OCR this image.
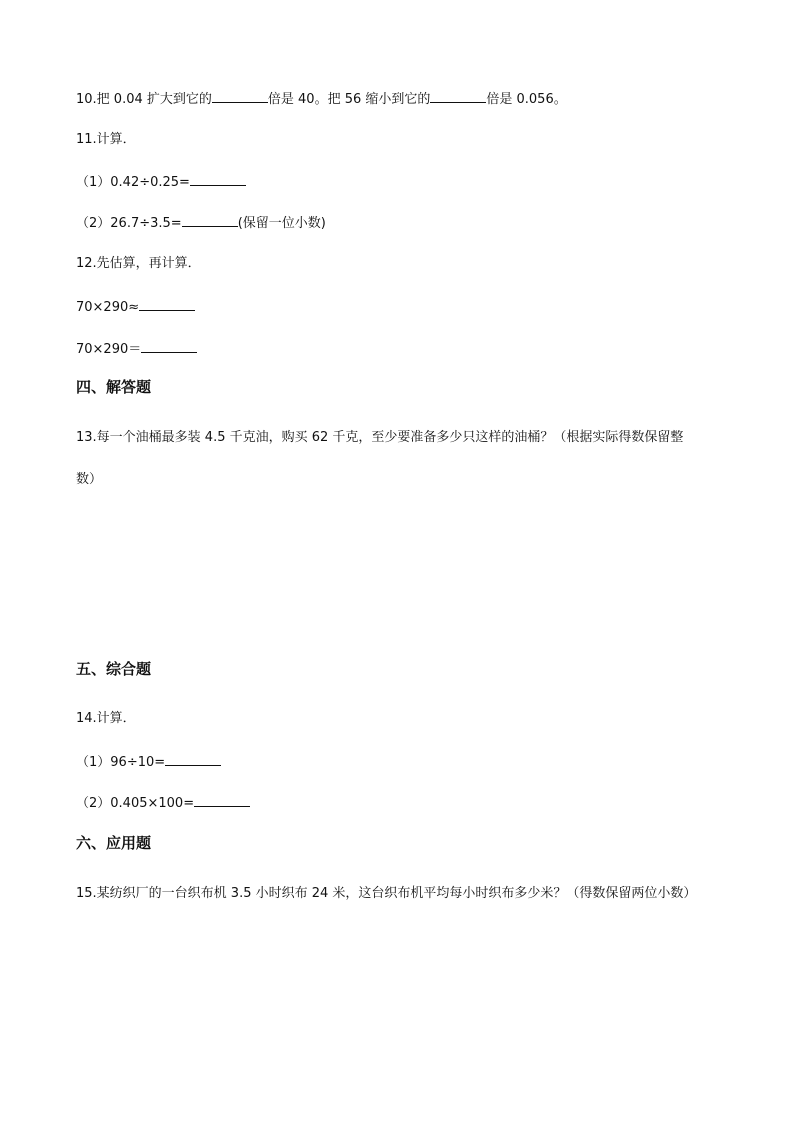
10.把 0.04 扩大到它的	倍是 40。把 56 缩小到它的	倍是 0.056。
11.计算．
（1）0.42÷0.25=
（2）26.7÷3.5=	(保留一位小数)
12.先估算，再计算．
70×290≈
70×290＝
四、解答题
13.每一个油桶最多装 4.5 千克油，购买 62 千克，至少要准备多少只这样的油桶？（根据实际得数保留整
数）
五、综合题
14.计算．
（1）96÷10=
（2）0.405×100=
六、应用题
15.某纺织厂的一台织布机 3.5 小时织布 24 米，这台织布机平均每小时织布多少米？（得数保留两位小数）
